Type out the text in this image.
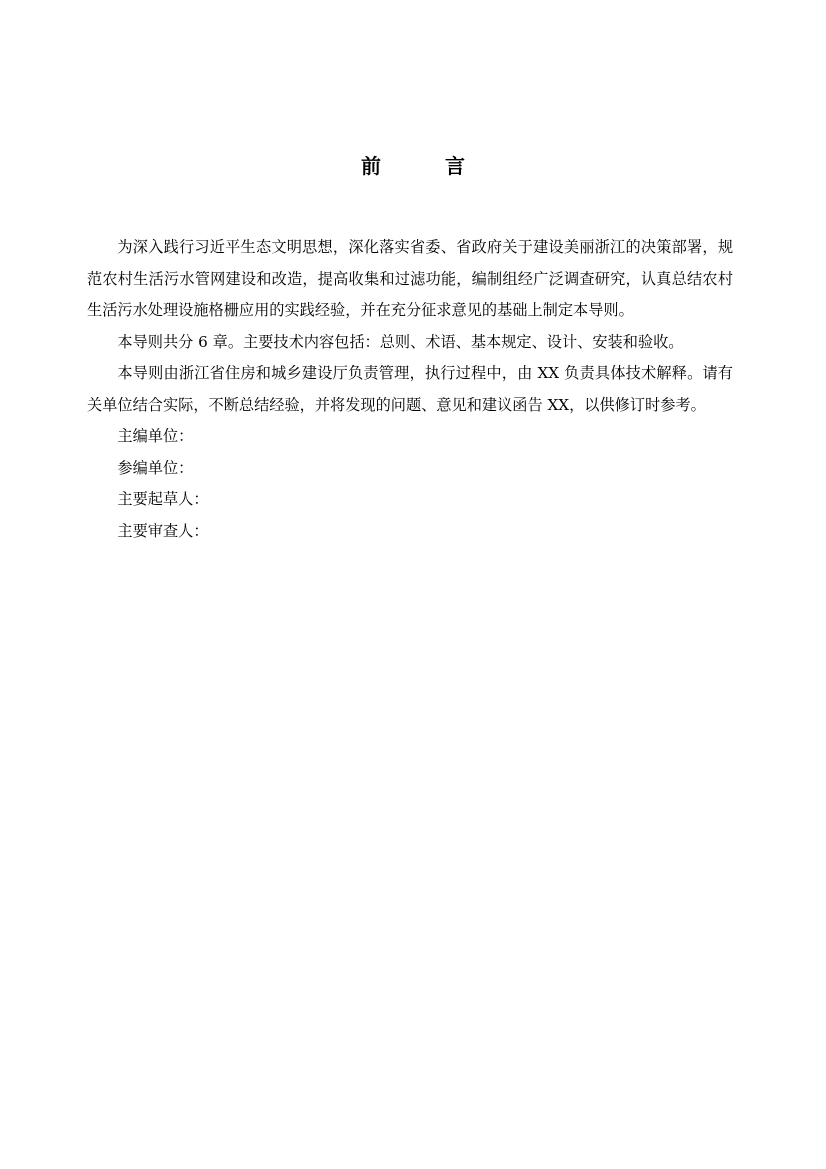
前　言

为深入践行习近平生态文明思想，深化落实省委、省政府关于建设美丽浙江的决策部署，规范农村生活污水管网建设和改造，提高收集和过滤功能，编制组经广泛调查研究，认真总结农村生活污水处理设施格栅应用的实践经验，并在充分征求意见的基础上制定本导则。

本导则共分 6 章。主要技术内容包括：总则、术语、基本规定、设计、安装和验收。

本导则由浙江省住房和城乡建设厅负责管理，执行过程中，由 XX 负责具体技术解释。请有关单位结合实际，不断总结经验，并将发现的问题、意见和建议函告 XX，以供修订时参考。

主编单位：

参编单位：

主要起草人：

主要审查人：
